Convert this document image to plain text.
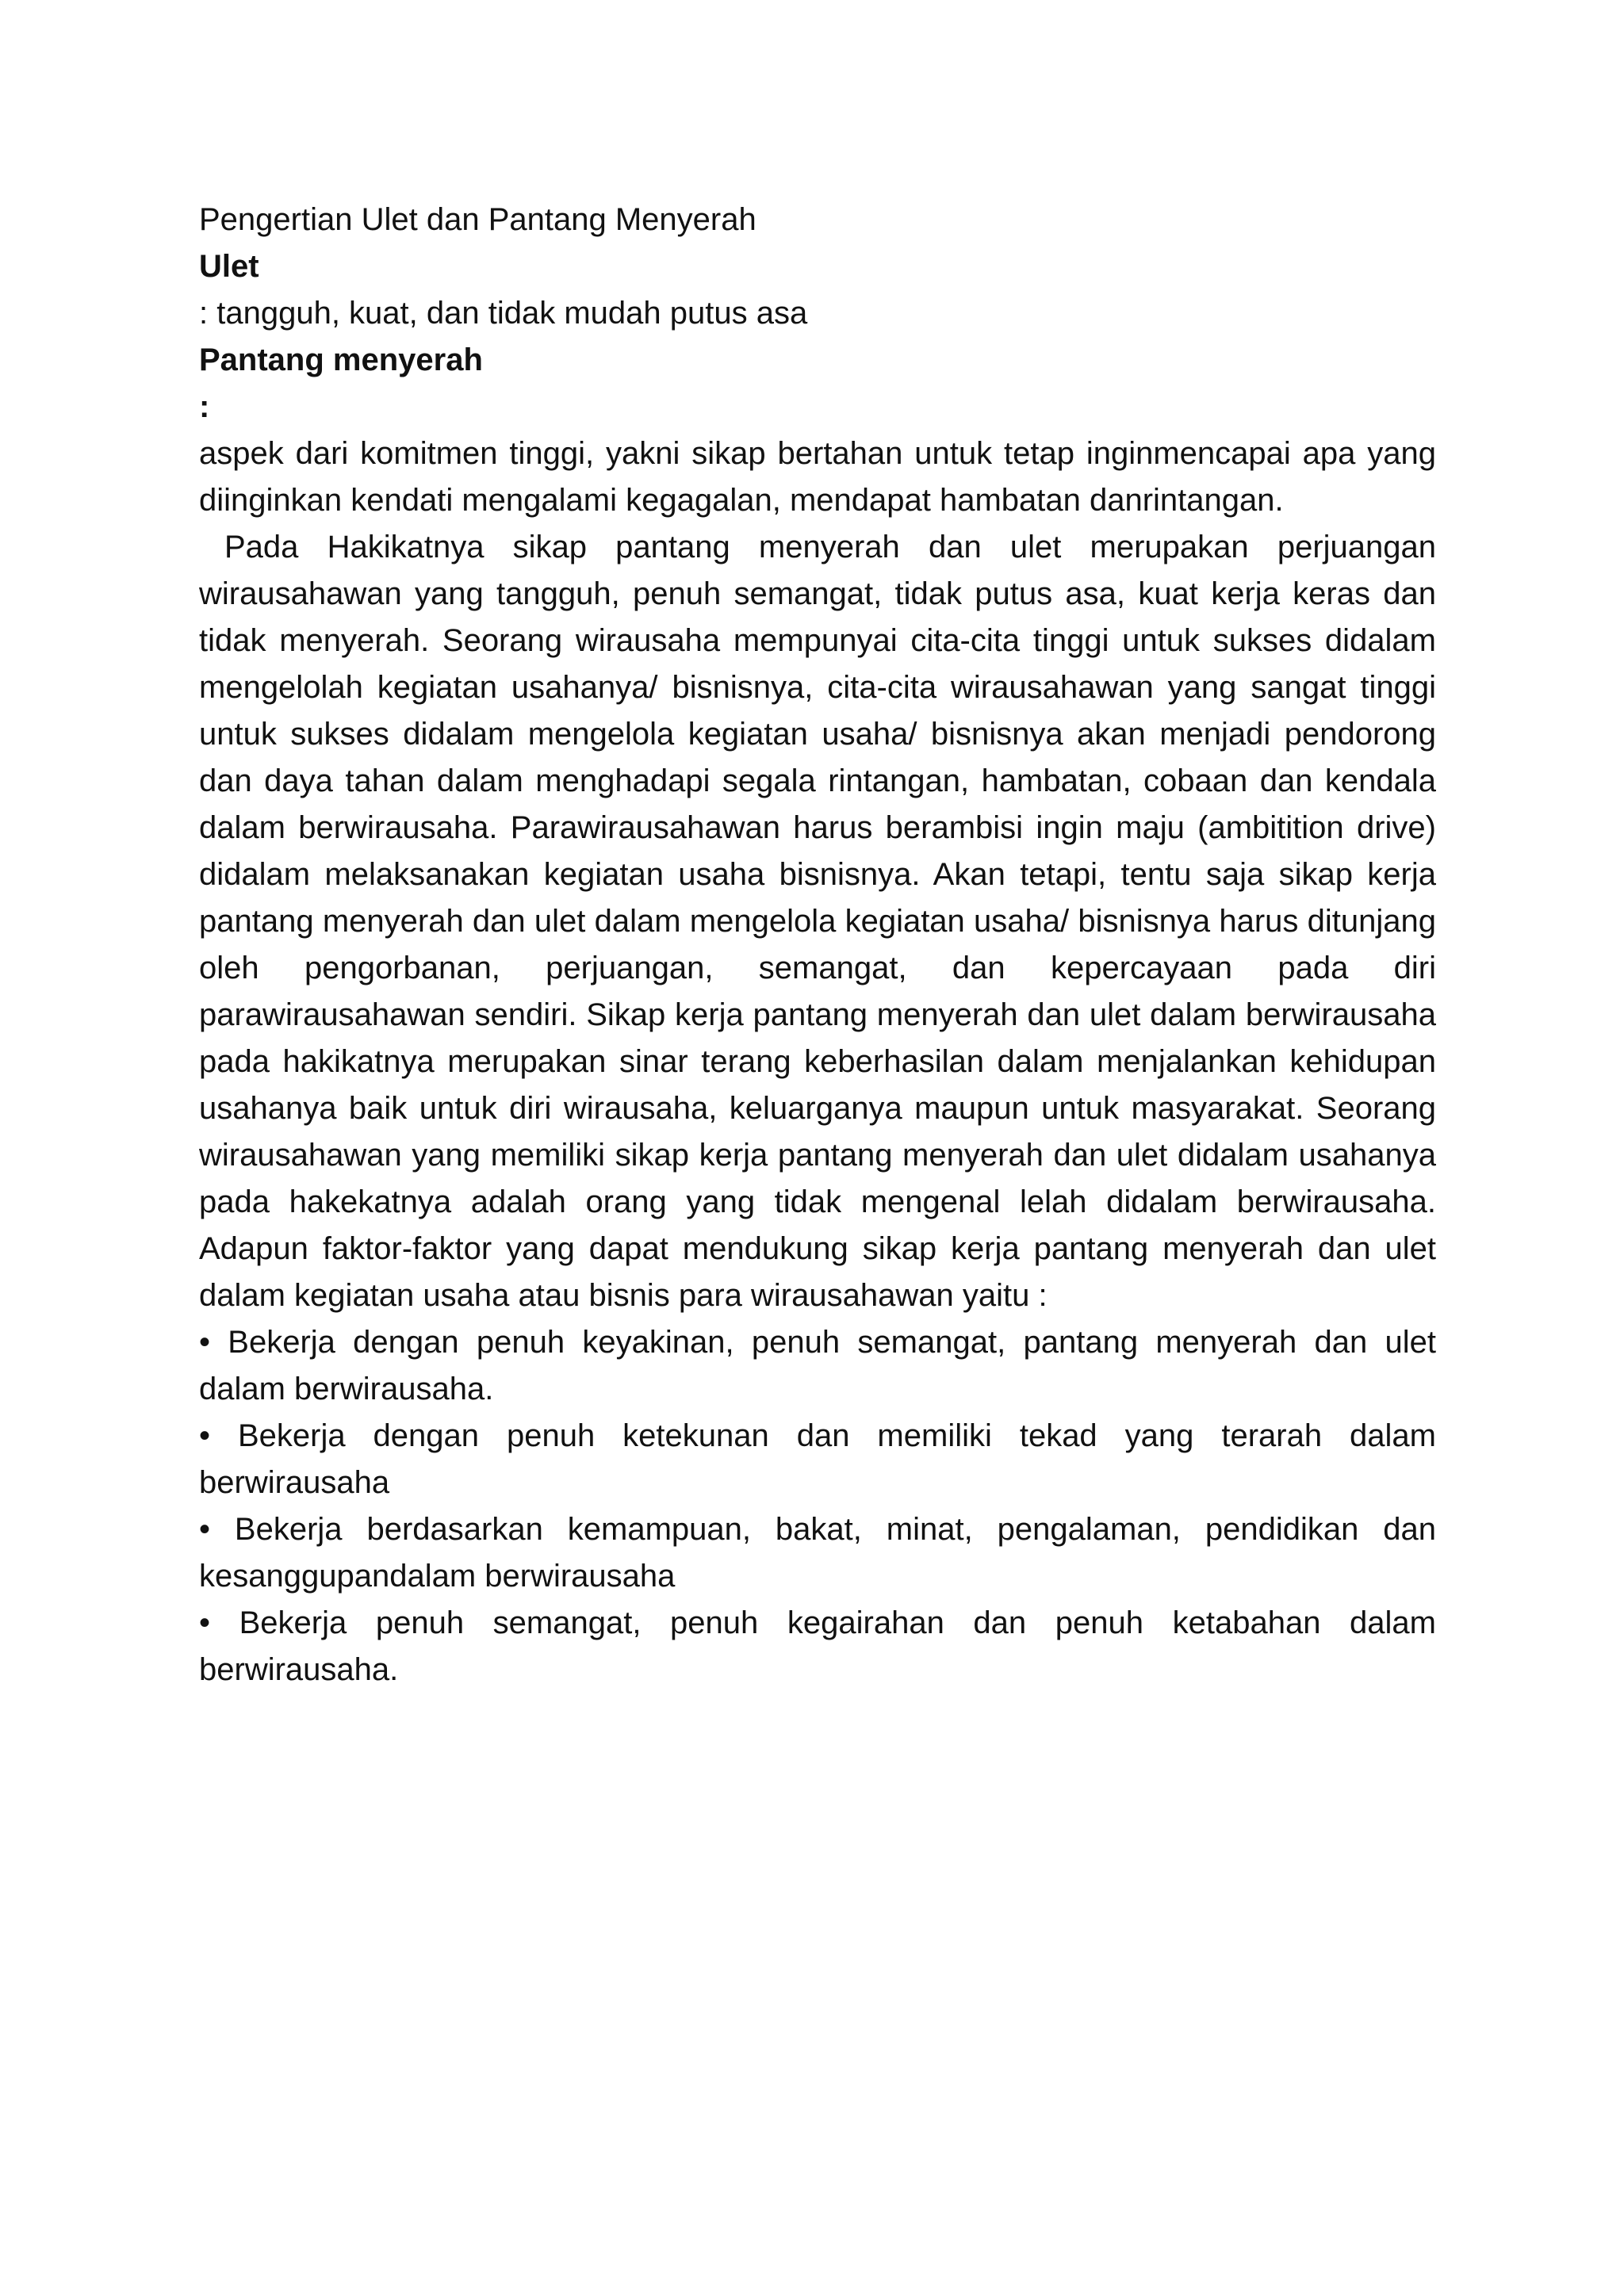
Pengertian Ulet dan Pantang Menyerah

Ulet

: tangguh, kuat, dan tidak mudah putus asa

Pantang menyerah

:

aspek dari komitmen tinggi, yakni sikap bertahan untuk tetap inginmencapai apa yang diinginkan kendati mengalami kegagalan, mendapat hambatan danrintangan.

Pada Hakikatnya sikap pantang menyerah dan ulet merupakan perjuangan wirausahawan yang tangguh, penuh semangat, tidak putus asa, kuat kerja keras dan tidak menyerah. Seorang wirausaha mempunyai cita-cita tinggi untuk sukses didalam mengelolah kegiatan usahanya/ bisnisnya, cita-cita wirausahawan yang sangat tinggi untuk sukses didalam mengelola kegiatan usaha/ bisnisnya akan menjadi pendorong dan daya tahan dalam menghadapi segala rintangan, hambatan, cobaan dan kendala dalam berwirausaha. Parawirausahawan harus berambisi ingin maju (ambitition drive) didalam melaksanakan kegiatan usaha bisnisnya. Akan tetapi, tentu saja sikap kerja pantang menyerah dan ulet dalam mengelola kegiatan usaha/ bisnisnya harus ditunjang oleh pengorbanan, perjuangan, semangat, dan kepercayaan pada diri parawirausahawan sendiri. Sikap kerja pantang menyerah dan ulet dalam berwirausaha pada hakikatnya merupakan sinar terang keberhasilan dalam menjalankan kehidupan usahanya baik untuk diri wirausaha, keluarganya maupun untuk masyarakat. Seorang wirausahawan yang memiliki sikap kerja pantang menyerah dan ulet didalam usahanya pada hakekatnya adalah orang yang tidak mengenal lelah didalam berwirausaha. Adapun faktor-faktor yang dapat mendukung sikap kerja pantang menyerah dan ulet dalam kegiatan usaha atau bisnis para wirausahawan yaitu :

• Bekerja dengan penuh keyakinan, penuh semangat, pantang menyerah dan ulet dalam berwirausaha.

• Bekerja dengan penuh ketekunan dan memiliki tekad yang terarah dalam berwirausaha

• Bekerja berdasarkan kemampuan, bakat, minat, pengalaman, pendidikan dan kesanggupandalam berwirausaha

• Bekerja penuh semangat, penuh kegairahan dan penuh ketabahan dalam berwirausaha.
